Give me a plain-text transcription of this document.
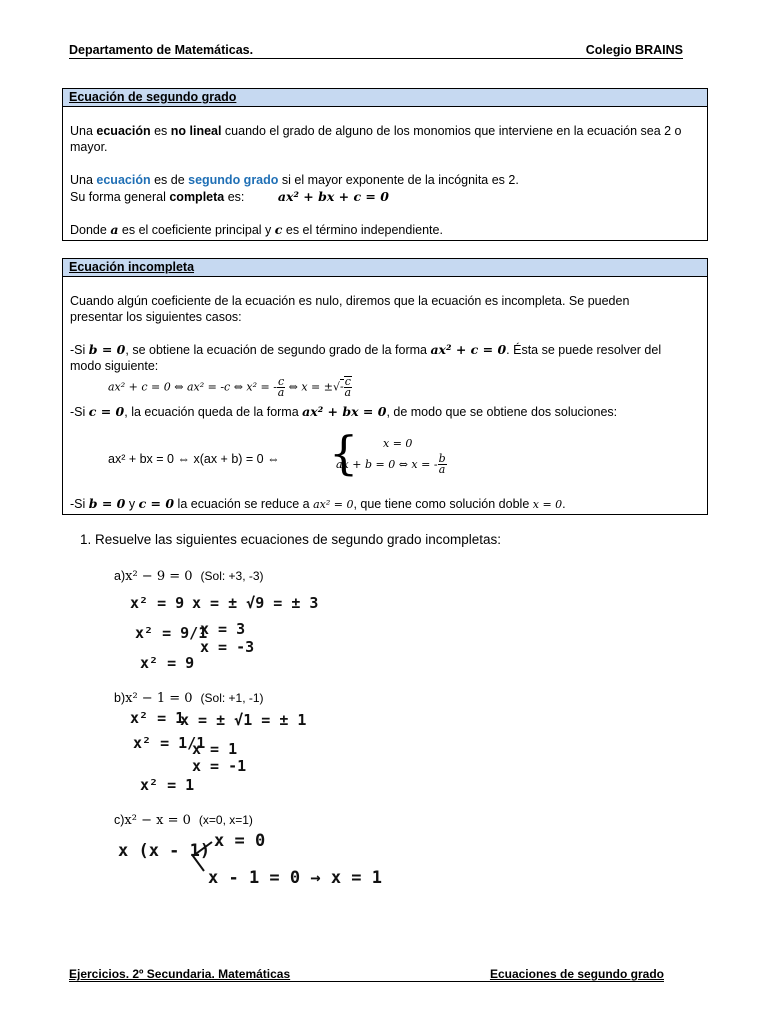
Departamento de Matemáticas.	Colegio BRAINS
Ecuación de segundo grado
Una ecuación es no lineal cuando el grado de alguno de los monomios que interviene en la ecuación sea 2 o
mayor.
Una ecuación es de segundo grado si el mayor exponente de la incógnita es 2.
Su forma general completa es:	ax² + bx + c = 0
Donde a es el coeficiente principal y c es el término independiente.
Ecuación incompleta
Cuando algún coeficiente de la ecuación es nulo, diremos que la ecuación es incompleta. Se pueden
presentar los siguientes casos:
-Si b = 0, se obtiene la ecuación de segundo grado de la forma ax² + c = 0. Ésta se puede resolver del
modo siguiente:
ax² + c = 0 ⇔ ax² = -c ⇔ x² = - $\frac{c}{a}$ ⇔ x = ±√- $\frac{c}{a}$
-Si c = 0, la ecuación queda de la forma ax² + bx = 0, de modo que se obtiene dos soluciones:
ax² + bx = 0 ⇔ x(ax + b) = 0 ⇔ { x = 0
ax + b = 0 ⇔ x = - $\frac{b}{a}$
-Si b = 0 y c = 0 la ecuación se reduce a ax² = 0, que tiene como solución doble x = 0.
1. Resuelve las siguientes ecuaciones de segundo grado incompletas:
a)x² − 9 = 0 (Sol: +3, -3)
b)x² − 1 = 0 (Sol: +1, -1)
c)x² − x = 0 (x=0, x=1)
x² = 9 x = ± √9 = ± 3
x² = 9/1
x = 3
x = -3
x² = 9
x² = 1
x = ± √1 = ± 1
x² = 1/1
x = 1
x = -1
x² = 1
x (x - 1) x = 0
x - 1 = 0 → x = 1
Ejercicios. 2º Secundaria. Matemáticas	Ecuaciones de segundo grado
